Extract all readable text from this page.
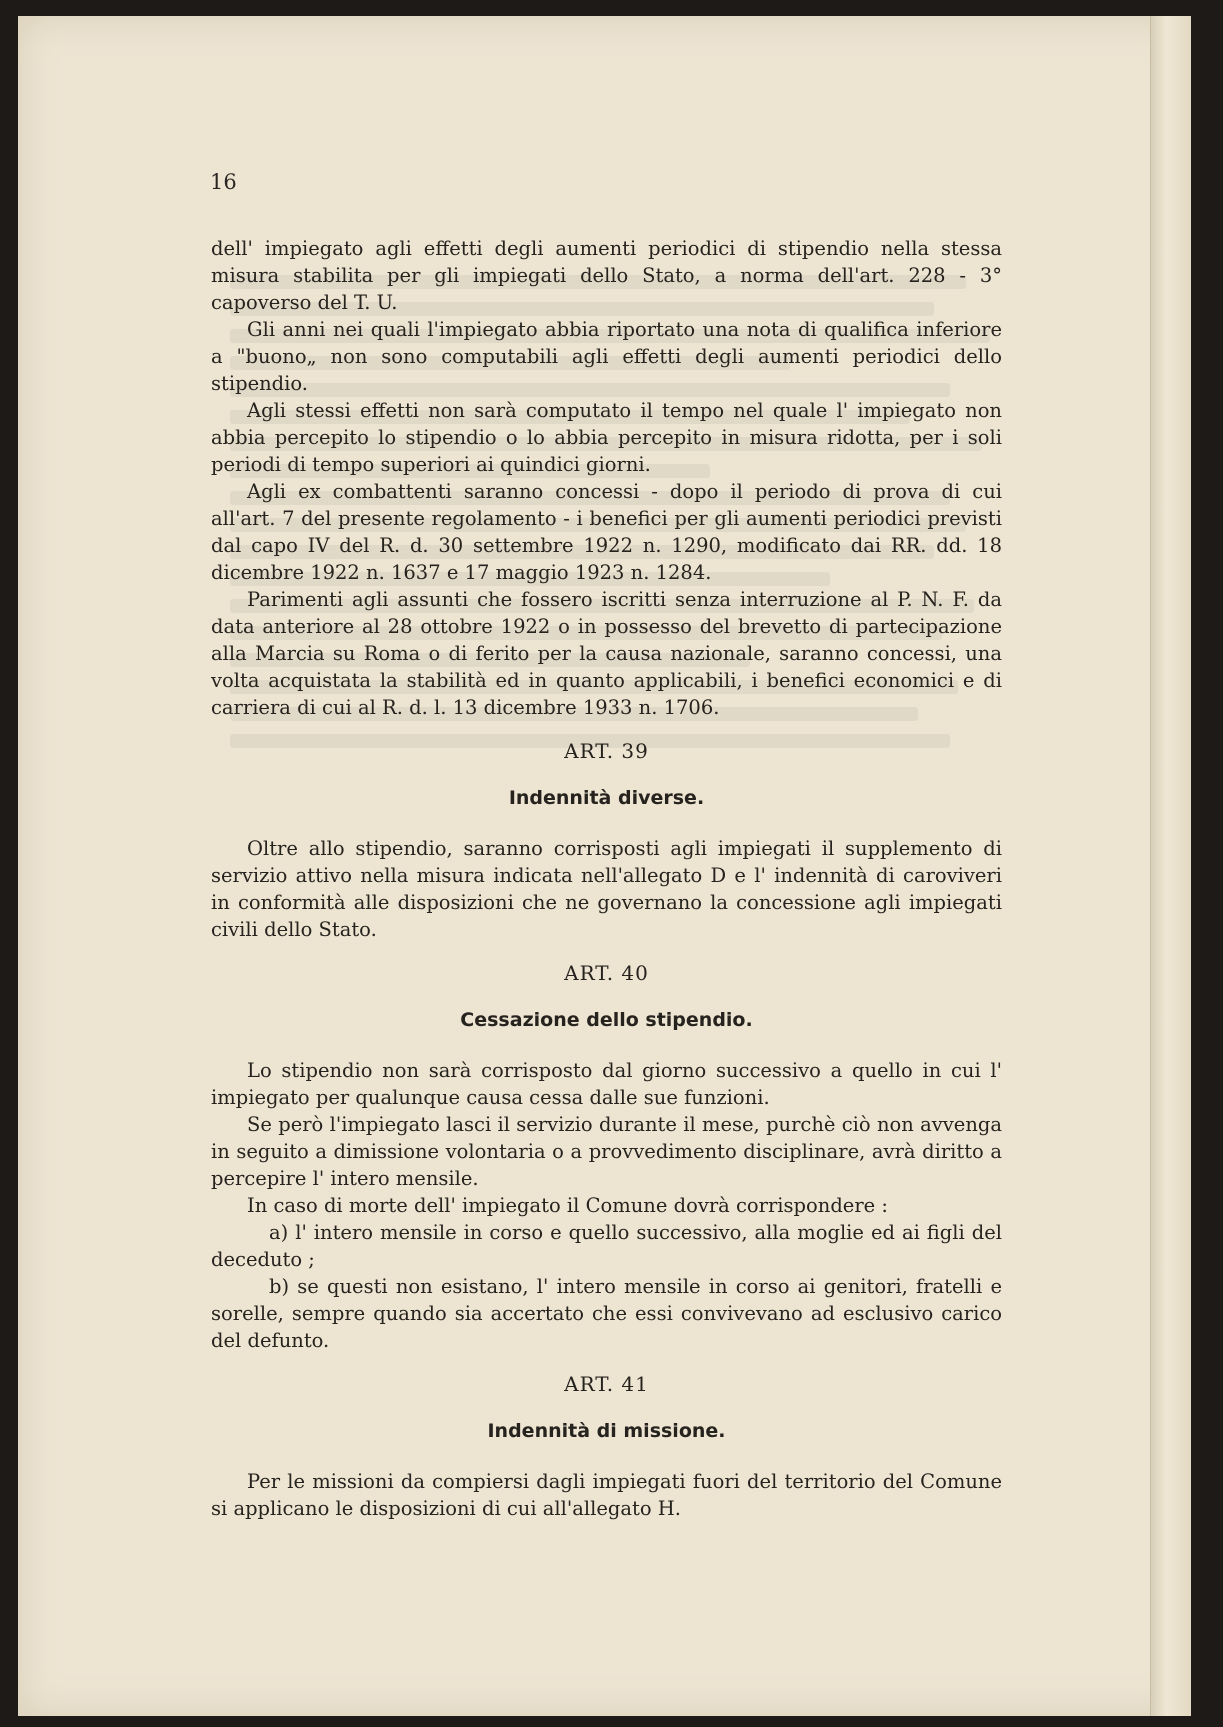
16

dell' impiegato agli effetti degli aumenti periodici di stipendio nella stessa misura stabilita per gli impiegati dello Stato, a norma dell'art. 228 - 3° capoverso del T. U.

Gli anni nei quali l'impiegato abbia riportato una nota di qualifica inferiore a "buono„ non sono computabili agli effetti degli aumenti periodici dello stipendio.

Agli stessi effetti non sarà computato il tempo nel quale l' impiegato non abbia percepito lo stipendio o lo abbia percepito in misura ridotta, per i soli periodi di tempo superiori ai quindici giorni.

Agli ex combattenti saranno concessi - dopo il periodo di prova di cui all'art. 7 del presente regolamento - i benefici per gli aumenti periodici previsti dal capo IV del R. d. 30 settembre 1922 n. 1290, modificato dai RR. dd. 18 dicembre 1922 n. 1637 e 17 maggio 1923 n. 1284.

Parimenti agli assunti che fossero iscritti senza interruzione al P. N. F. da data anteriore al 28 ottobre 1922 o in possesso del brevetto di partecipazione alla Marcia su Roma o di ferito per la causa nazionale, saranno concessi, una volta acquistata la stabilità ed in quanto applicabili, i benefici economici e di carriera di cui al R. d. l. 13 dicembre 1933 n. 1706.

ART. 39
Indennità diverse.

Oltre allo stipendio, saranno corrisposti agli impiegati il supplemento di servizio attivo nella misura indicata nell'allegato D e l' indennità di caroviveri in conformità alle disposizioni che ne governano la concessione agli impiegati civili dello Stato.

ART. 40
Cessazione dello stipendio.

Lo stipendio non sarà corrisposto dal giorno successivo a quello in cui l' impiegato per qualunque causa cessa dalle sue funzioni.

Se però l'impiegato lasci il servizio durante il mese, purchè ciò non avvenga in seguito a dimissione volontaria o a provvedimento disciplinare, avrà diritto a percepire l' intero mensile.

In caso di morte dell' impiegato il Comune dovrà corrispondere :

a) l' intero mensile in corso e quello successivo, alla moglie ed ai figli del deceduto ;

b) se questi non esistano, l' intero mensile in corso ai genitori, fratelli e sorelle, sempre quando sia accertato che essi convivevano ad esclusivo carico del defunto.

ART. 41
Indennità di missione.

Per le missioni da compiersi dagli impiegati fuori del territorio del Comune si applicano le disposizioni di cui all'allegato H.
